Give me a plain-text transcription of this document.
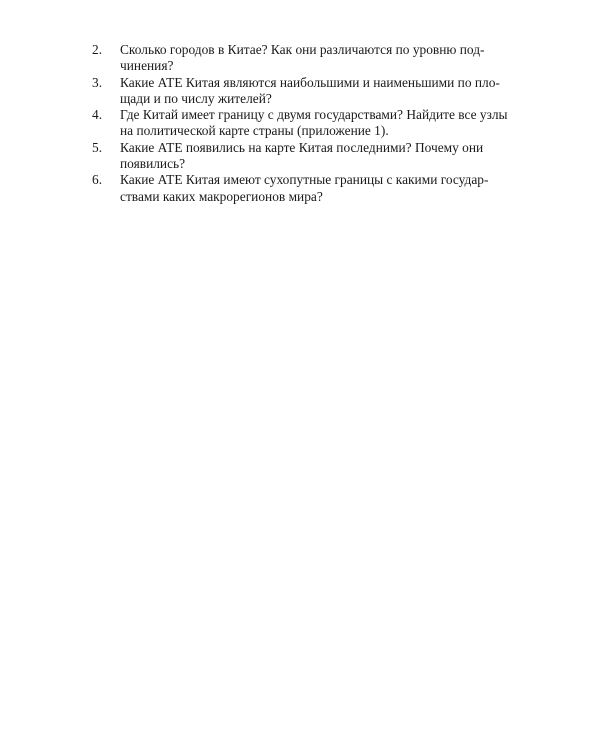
2. Сколько городов в Китае? Как они различаются по уровню под-
чинения?
3. Какие АТЕ Китая являются наибольшими и наименьшими по пло-
щади и по числу жителей?
4. Где Китай имеет границу с двумя государствами? Найдите все узлы
на политической карте страны (приложение 1).
5. Какие АТЕ появились на карте Китая последними? Почему они
появились?
6. Какие АТЕ Китая имеют сухопутные границы с какими государ-
ствами каких макрорегионов мира?
